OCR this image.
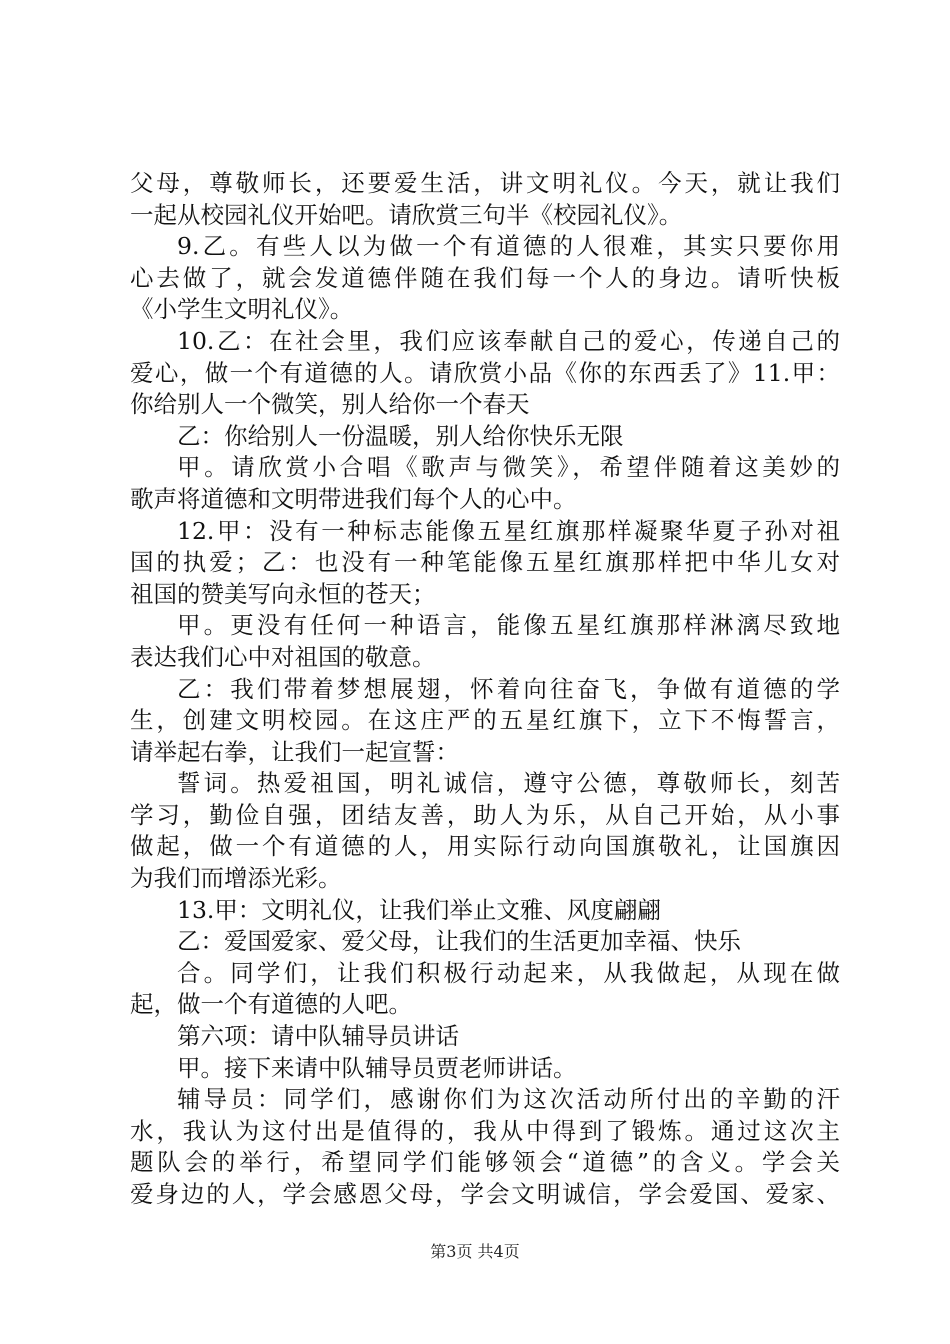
父母，尊敬师长，还要爱生活，讲文明礼仪。今天，就让我们
一起从校园礼仪开始吧。请欣赏三句半《校园礼仪》。
9.乙。有些人以为做一个有道德的人很难，其实只要你用
心去做了，就会发道德伴随在我们每一个人的身边。请听快板
《小学生文明礼仪》。
10.乙：在社会里，我们应该奉献自己的爱心，传递自己的
爱心，做一个有道德的人。请欣赏小品《你的东西丢了》11.甲：
你给别人一个微笑，别人给你一个春天
乙：你给别人一份温暖，别人给你快乐无限
甲。请欣赏小合唱《歌声与微笑》，希望伴随着这美妙的
歌声将道德和文明带进我们每个人的心中。
12.甲：没有一种标志能像五星红旗那样凝聚华夏子孙对祖
国的执爱；乙：也没有一种笔能像五星红旗那样把中华儿女对
祖国的赞美写向永恒的苍天；
甲。更没有任何一种语言，能像五星红旗那样淋漓尽致地
表达我们心中对祖国的敬意。
乙：我们带着梦想展翅，怀着向往奋飞，争做有道德的学
生，创建文明校园。在这庄严的五星红旗下，立下不悔誓言，
请举起右拳，让我们一起宣誓：
誓词。热爱祖国，明礼诚信，遵守公德，尊敬师长，刻苦
学习，勤俭自强，团结友善，助人为乐，从自己开始，从小事
做起，做一个有道德的人，用实际行动向国旗敬礼，让国旗因
为我们而增添光彩。
13.甲：文明礼仪，让我们举止文雅、风度翩翩
乙：爱国爱家、爱父母，让我们的生活更加幸福、快乐
合。同学们，让我们积极行动起来，从我做起，从现在做
起，做一个有道德的人吧。
第六项：请中队辅导员讲话
甲。接下来请中队辅导员贾老师讲话。
辅导员：同学们，感谢你们为这次活动所付出的辛勤的汗
水，我认为这付出是值得的，我从中得到了锻炼。通过这次主
题队会的举行，希望同学们能够领会“道德”的含义。学会关
爱身边的人，学会感恩父母，学会文明诚信，学会爱国、爱家、
第3页 共4页
